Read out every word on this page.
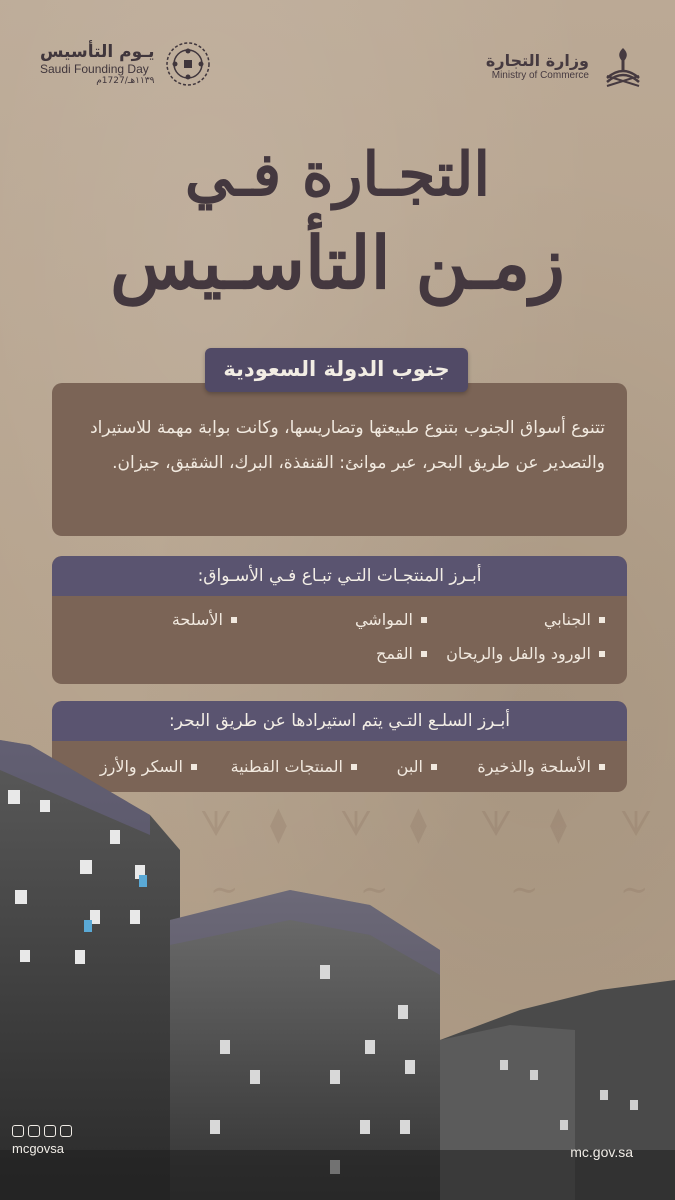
وزارة التجارة
Ministry of Commerce
يـوم التأسيس
Saudi Founding Day
١١٣٩هـ/1727م
التجـارة فـي
زمـن التأسـيس
ᗐ ⧫ ᗐ ⧫ ᗐ ⧫ ᗐ
∽	∽	∽ ∽
جنوب الدولة السعودية

تتنوع أسواق الجنوب بتنوع طبيعتها وتضاريسها، وكانت بوابة مهمة للاستيراد والتصدير عن طريق البحر، عبر موانئ: القنفذة، البرك، الشقيق، جيزان.

أبـرز المنتجـات التـي تبـاع فـي الأسـواق:
الجنابي
المواشي
الأسلحة
الورود والفل والريحان
القمح
أبـرز السلـع التـي يتم استيرادها عن طريق البحر:
الأسلحة والذخيرة
البن
المنتجات القطنية
السكر والأرز
mcgovsa	mc.gov.sa
